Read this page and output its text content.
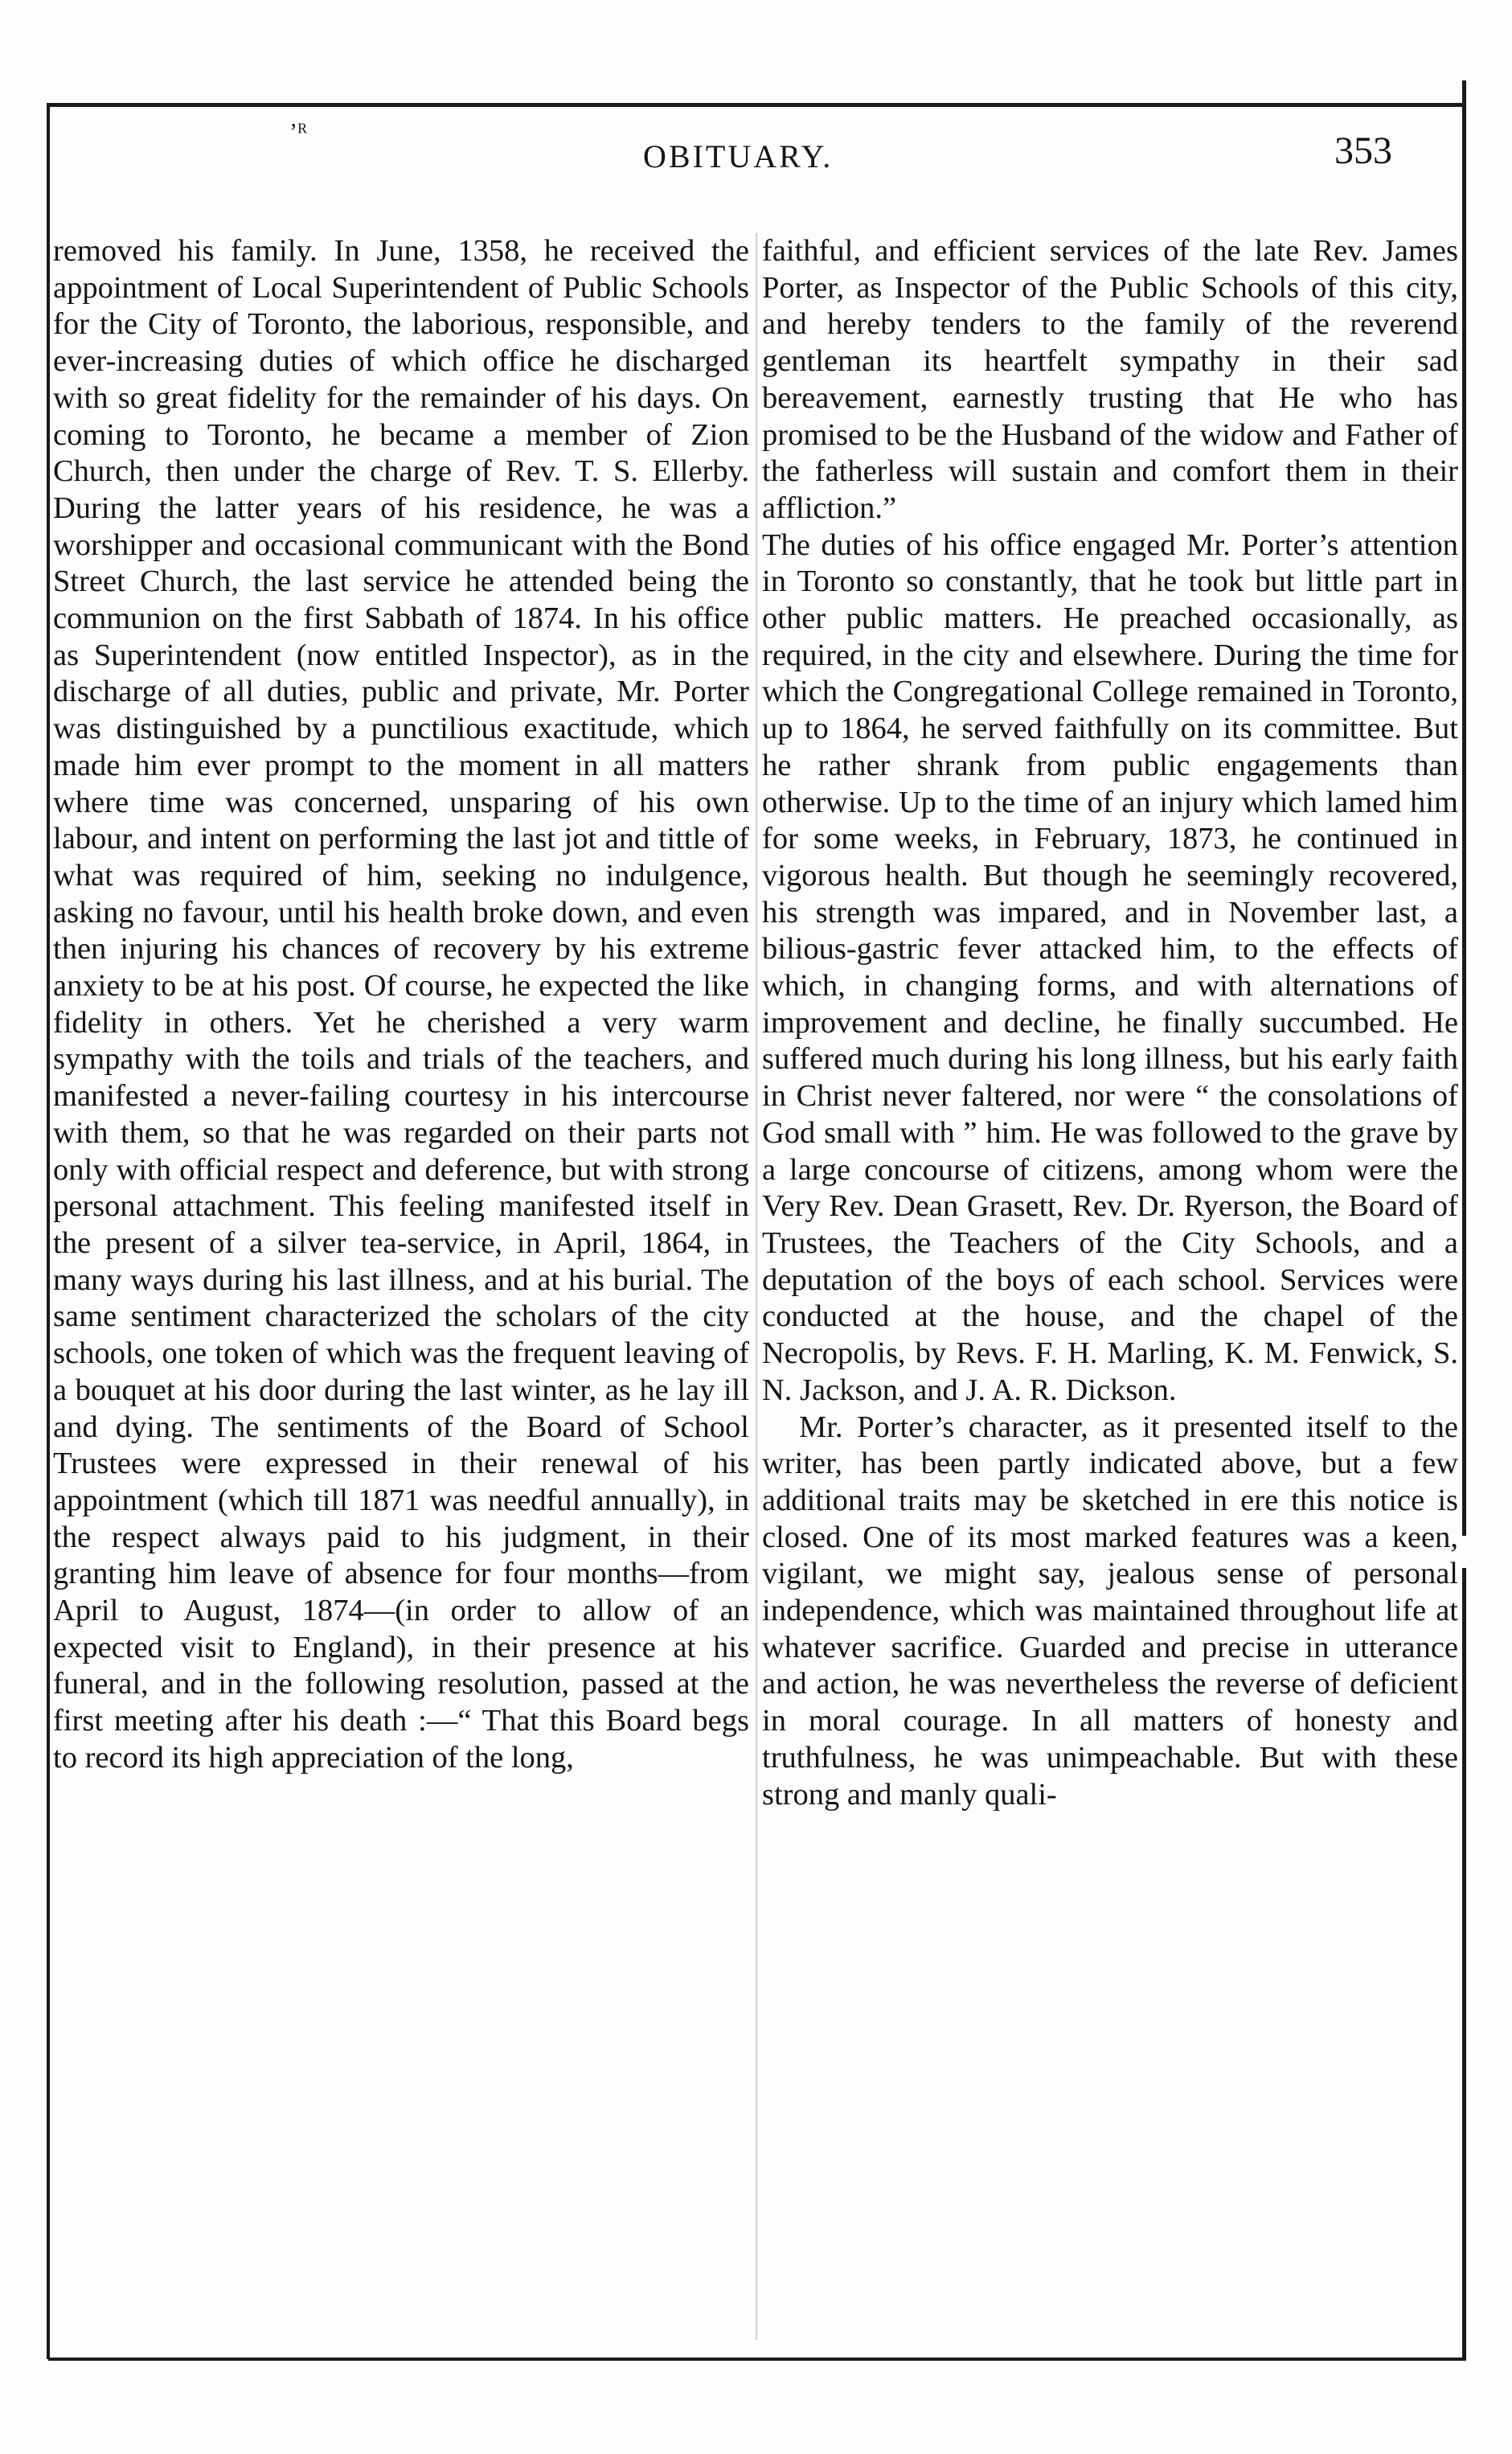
ʼᴿ
OBITUARY.	353

removed his family. In June, 1358, he received the appointment of Local Superintendent of Public Schools for the City of Toronto, the laborious, responsible, and ever-increasing duties of which office he discharged with so great fidelity for the remainder of his days. On coming to Toronto, he became a member of Zion Church, then under the charge of Rev. T. S. Ellerby. During the latter years of his residence, he was a worshipper and occasional communicant with the Bond Street Church, the last service he attended being the communion on the first Sabbath of 1874. In his office as Superintendent (now entitled Inspector), as in the discharge of all duties, public and private, Mr. Porter was distinguished by a punctilious exactitude, which made him ever prompt to the moment in all matters where time was concerned, unsparing of his own labour, and intent on performing the last jot and tittle of what was required of him, seeking no indulgence, asking no favour, until his health broke down, and even then injuring his chances of recovery by his extreme anxiety to be at his post. Of course, he expected the like fidelity in others. Yet he cherished a very warm sympathy with the toils and trials of the teachers, and manifested a never-failing courtesy in his intercourse with them, so that he was regarded on their parts not only with official respect and deference, but with strong personal attachment. This feeling manifested itself in the present of a silver tea-service, in April, 1864, in many ways during his last illness, and at his burial. The same sentiment characterized the scholars of the city schools, one token of which was the frequent leaving of a bouquet at his door during the last winter, as he lay ill and dying. The sentiments of the Board of School Trustees were expressed in their renewal of his appointment (which till 1871 was needful annually), in the respect always paid to his judgment, in their granting him leave of absence for four months—from April to August, 1874—(in order to allow of an expected visit to England), in their presence at his funeral, and in the following resolution, passed at the first meeting after his death :—“ That this Board begs to record its high appreciation of the long,

faithful, and efficient services of the late Rev. James Porter, as Inspector of the Public Schools of this city, and hereby tenders to the family of the reverend gentleman its heartfelt sympathy in their sad bereavement, earnestly trusting that He who has promised to be the Husband of the widow and Father of the fatherless will sustain and comfort them in their affliction.”

The duties of his office engaged Mr. Porter’s attention in Toronto so constantly, that he took but little part in other public matters. He preached occasionally, as required, in the city and elsewhere. During the time for which the Congregational College remained in Toronto, up to 1864, he served faithfully on its committee. But he rather shrank from public engagements than otherwise. Up to the time of an injury which lamed him for some weeks, in February, 1873, he continued in vigorous health. But though he seemingly recovered, his strength was impared, and in November last, a bilious-gastric fever attacked him, to the effects of which, in changing forms, and with alternations of improvement and decline, he finally succumbed. He suffered much during his long illness, but his early faith in Christ never faltered, nor were “ the consolations of God small with ” him. He was followed to the grave by a large concourse of citizens, among whom were the Very Rev. Dean Grasett, Rev. Dr. Ryerson, the Board of Trustees, the Teachers of the City Schools, and a deputation of the boys of each school. Services were conducted at the house, and the chapel of the Necropolis, by Revs. F. H. Marling, K. M. Fenwick, S. N. Jackson, and J. A. R. Dickson.

Mr. Porter’s character, as it presented itself to the writer, has been partly indicated above, but a few additional traits may be sketched in ere this notice is closed. One of its most marked features was a keen, vigilant, we might say, jealous sense of personal independence, which was maintained throughout life at whatever sacrifice. Guarded and precise in utterance and action, he was nevertheless the reverse of deficient in moral courage. In all matters of honesty and truthfulness, he was unimpeachable. But with these strong and manly quali-
